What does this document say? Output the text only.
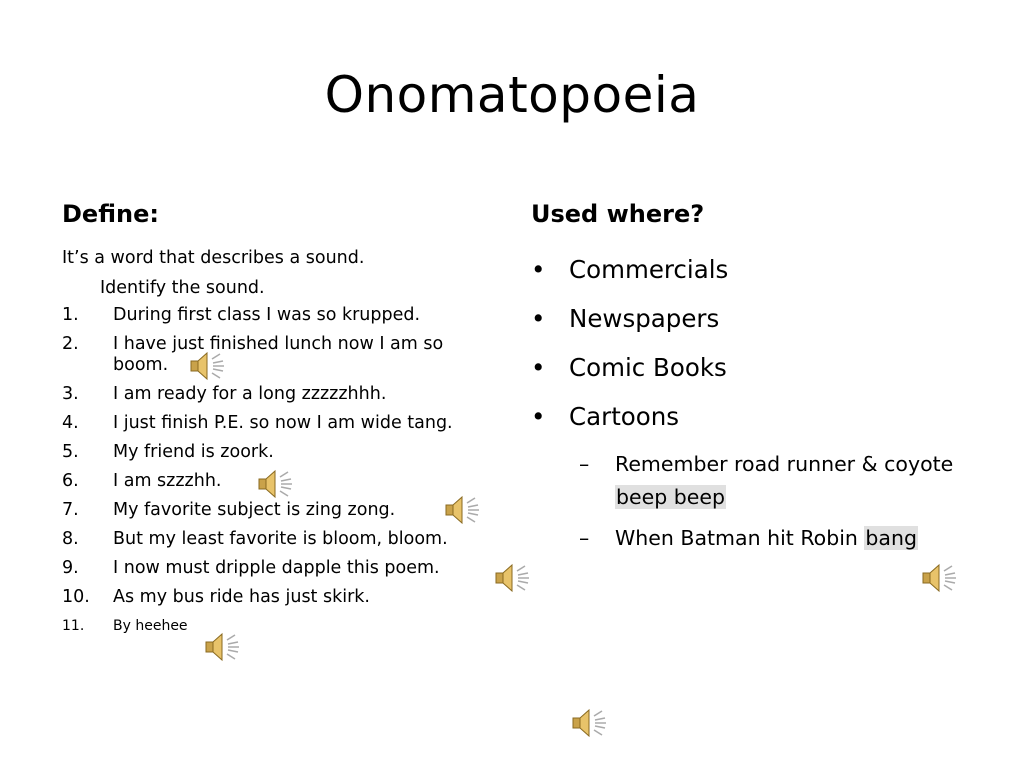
Onomatopoeia
Define:	Used where?
It’s a word that describes a sound.
Identify the sound.
1. During first class I was so krupped.
2. I have just finished lunch now I am so boom.
3. I am ready for a long zzzzzhhh.
4. I just finish P.E. so now I am wide tang.
5. My friend is zoork.
6. I am szzzhh.
7. My favorite subject is zing zong.
8. But my least favorite is bloom, bloom.
9. I now must dripple dapple this poem.
10. As my bus ride has just skirk.
11. By heehee
• Commercials
• Newspapers
• Comic Books
• Cartoons
– Remember road runner & coyote beep beep
– When Batman hit Robin bang
